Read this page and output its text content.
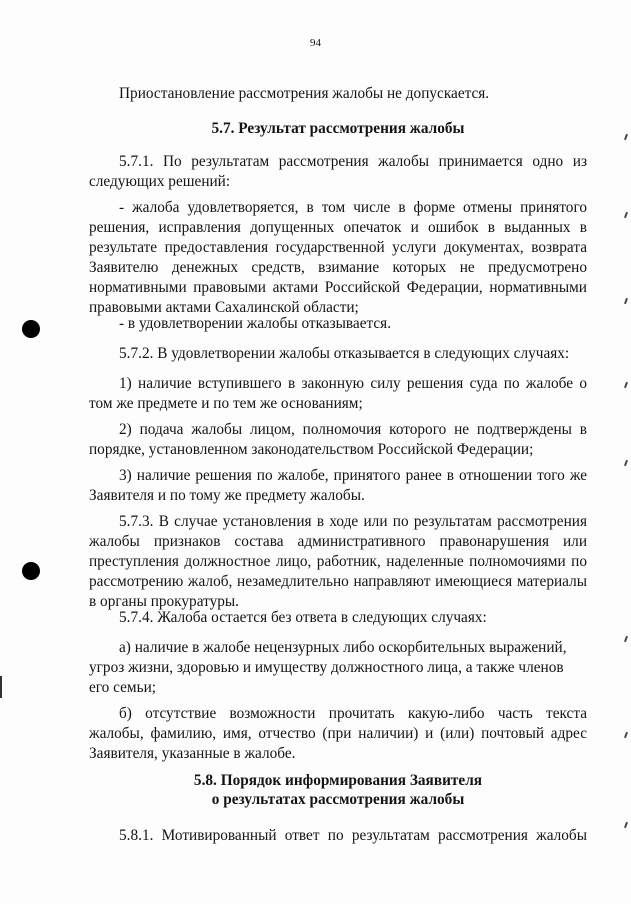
94
Приостановление рассмотрения жалобы не допускается.
5.7. Результат рассмотрения жалобы
5.7.1. По результатам рассмотрения жалобы принимается одно из следующих решений:
- жалоба удовлетворяется, в том числе в форме отмены принятого решения, исправления допущенных опечаток и ошибок в выданных в результате предоставления государственной услуги документах, возврата Заявителю денежных средств, взимание которых не предусмотрено нормативными правовыми актами Российской Федерации, нормативными правовыми актами Сахалинской области;
- в удовлетворении жалобы отказывается.
5.7.2. В удовлетворении жалобы отказывается в следующих случаях:
1) наличие вступившего в законную силу решения суда по жалобе о том же предмете и по тем же основаниям;
2) подача жалобы лицом, полномочия которого не подтверждены в порядке, установленном законодательством Российской Федерации;
3) наличие решения по жалобе, принятого ранее в отношении того же Заявителя и по тому же предмету жалобы.
5.7.3. В случае установления в ходе или по результатам рассмотрения жалобы признаков состава административного правонарушения или преступления должностное лицо, работник, наделенные полномочиями по рассмотрению жалоб, незамедлительно направляют имеющиеся материалы в органы прокуратуры.
5.7.4. Жалоба остается без ответа в следующих случаях:
а) наличие в жалобе нецензурных либо оскорбительных выражений, угроз жизни, здоровью и имуществу должностного лица, а также членов его семьи;
б) отсутствие возможности прочитать какую-либо часть текста жалобы, фамилию, имя, отчество (при наличии) и (или) почтовый адрес Заявителя, указанные в жалобе.
5.8. Порядок информирования Заявителя
о результатах рассмотрения жалобы
5.8.1. Мотивированный ответ по результатам рассмотрения жалобы
